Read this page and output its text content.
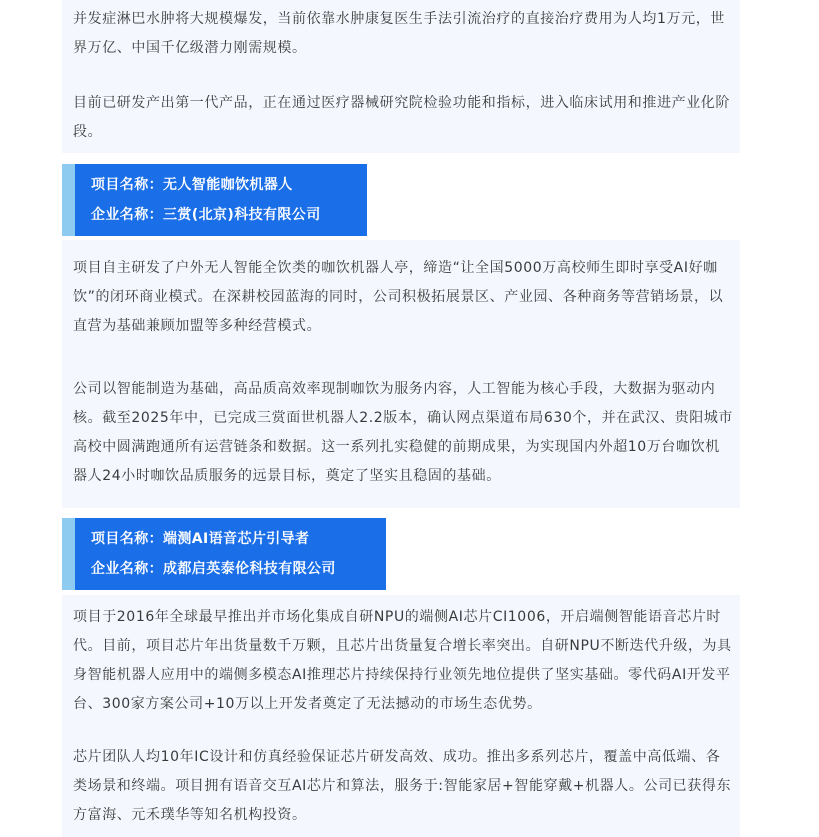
并发症淋巴水肿将大规模爆发，当前依靠水肿康复医生手法引流治疗的直接治疗费用为人均1万元，世界万亿、中国千亿级潜力刚需规模。

目前已研发产出第一代产品，正在通过医疗器械研究院检验功能和指标，进入临床试用和推进产业化阶段。

项目名称：无人智能咖饮机器人
企业名称：三赏(北京)科技有限公司

项目自主研发了户外无人智能全饮类的咖饮机器人亭，缔造“让全国5000万高校师生即时享受AI好咖饮”的闭环商业模式。在深耕校园蓝海的同时，公司积极拓展景区、产业园、各种商务等营销场景，以直营为基础兼顾加盟等多种经营模式。

公司以智能制造为基础，高品质高效率现制咖饮为服务内容，人工智能为核心手段，大数据为驱动内核。截至2025年中，已完成三赏面世机器人2.2版本，确认网点渠道布局630个，并在武汉、贵阳城市高校中圆满跑通所有运营链条和数据。这一系列扎实稳健的前期成果，为实现国内外超10万台咖饮机器人24小时咖饮品质服务的远景目标，奠定了坚实且稳固的基础。

项目名称：端测AI语音芯片引导者
企业名称：成都启英泰伦科技有限公司

项目于2016年全球最早推出并市场化集成自研NPU的端侧AI芯片CI1006，开启端侧智能语音芯片时代。目前，项目芯片年出货量数千万颗，且芯片出货量复合增长率突出。自研NPU不断迭代升级，为具身智能机器人应用中的端侧多模态AI推理芯片持续保持行业领先地位提供了坚实基础。零代码AI开发平台、300家方案公司+10万以上开发者奠定了无法撼动的市场生态优势。

芯片团队人均10年IC设计和仿真经验保证芯片研发高效、成功。推出多系列芯片，覆盖中高低端、各类场景和终端。项目拥有语音交互AI芯片和算法，服务于:智能家居+智能穿戴+机器人。公司已获得东方富海、元禾璞华等知名机构投资。
